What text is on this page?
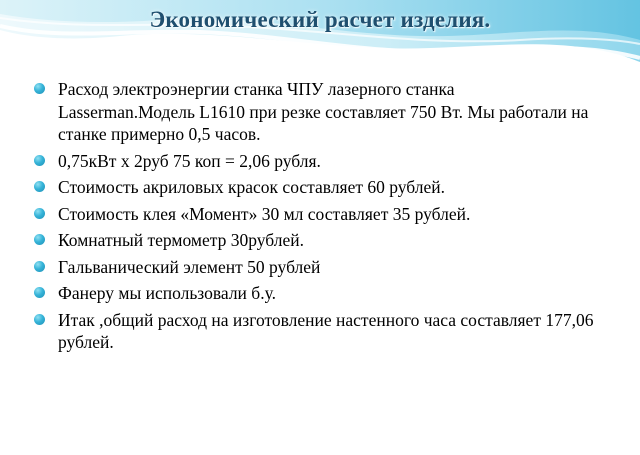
Экономический расчет изделия.
Расход электроэнергии станка ЧПУ лазерного станка Lasserman.Модель L1610 при резке составляет 750 Вт. Мы работали на станке примерно 0,5 часов.
0,75кВт х 2руб 75 коп = 2,06 рубля.
Стоимость акриловых красок составляет 60 рублей.
Стоимость клея «Момент» 30 мл составляет 35 рублей.
Комнатный термометр 30рублей.
Гальванический элемент 50 рублей
Фанеру мы использовали б.у.
Итак ,общий расход на изготовление настенного часа составляет 177,06 рублей.
